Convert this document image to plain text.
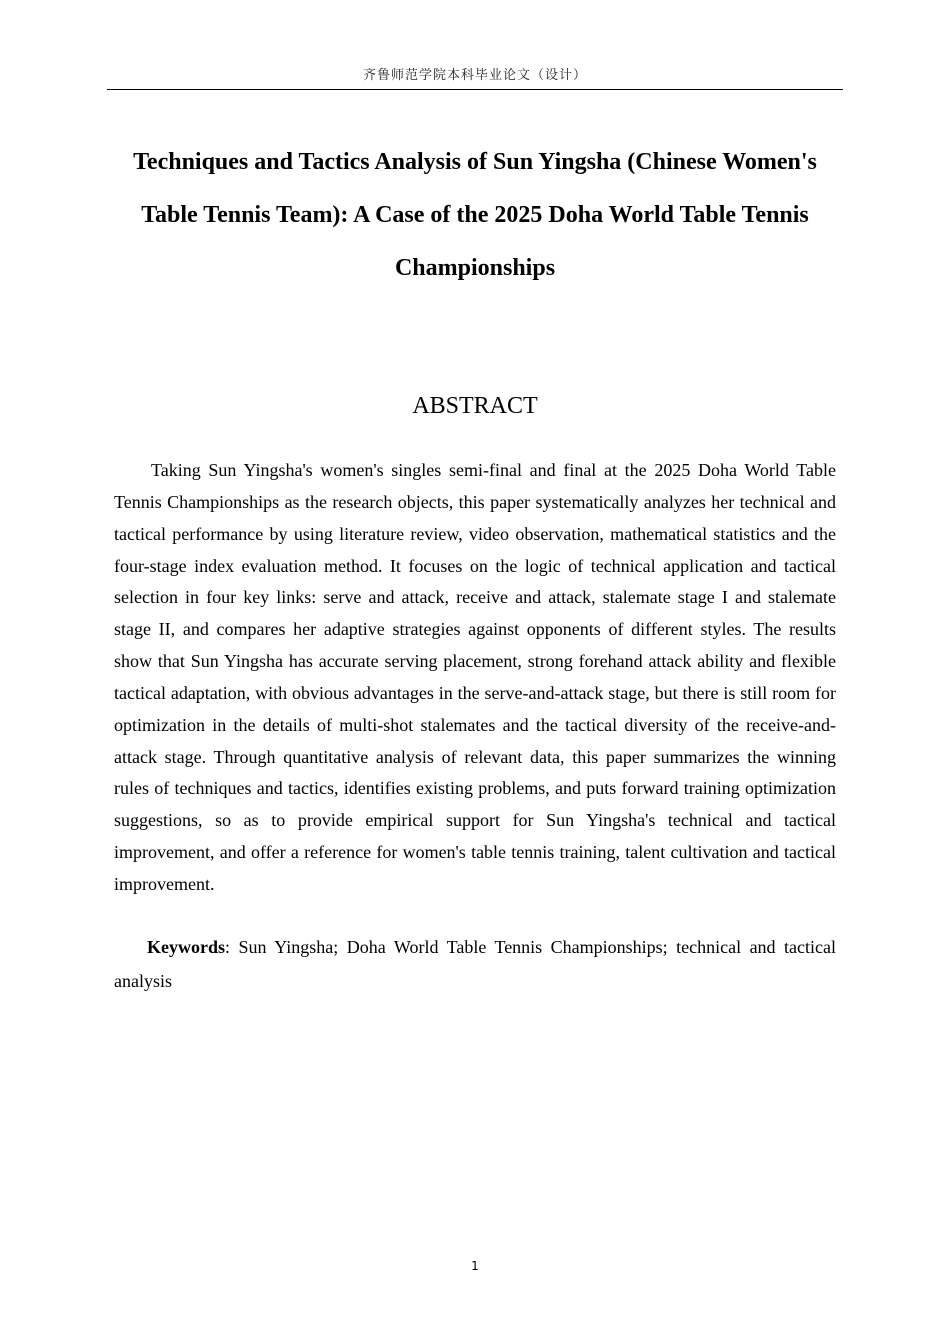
齐鲁师范学院本科毕业论文（设计）
Techniques and Tactics Analysis of Sun Yingsha (Chinese Women's Table Tennis Team): A Case of the 2025 Doha World Table Tennis Championships
ABSTRACT

Taking Sun Yingsha's women's singles semi-final and final at the 2025 Doha World Table Tennis Championships as the research objects, this paper systematically analyzes her technical and tactical performance by using literature review, video observation, mathematical statistics and the four-stage index evaluation method. It focuses on the logic of technical application and tactical selection in four key links: serve and attack, receive and attack, stalemate stage I and stalemate stage II, and compares her adaptive strategies against opponents of different styles. The results show that Sun Yingsha has accurate serving placement, strong forehand attack ability and flexible tactical adaptation, with obvious advantages in the serve-and-attack stage, but there is still room for optimization in the details of multi-shot stalemates and the tactical diversity of the receive-and-attack stage. Through quantitative analysis of relevant data, this paper summarizes the winning rules of techniques and tactics, identifies existing problems, and puts forward training optimization suggestions, so as to provide empirical support for Sun Yingsha's technical and tactical improvement, and offer a reference for women's table tennis training, talent cultivation and tactical improvement.

Keywords: Sun Yingsha; Doha World Table Tennis Championships; technical and tactical analysis

1
